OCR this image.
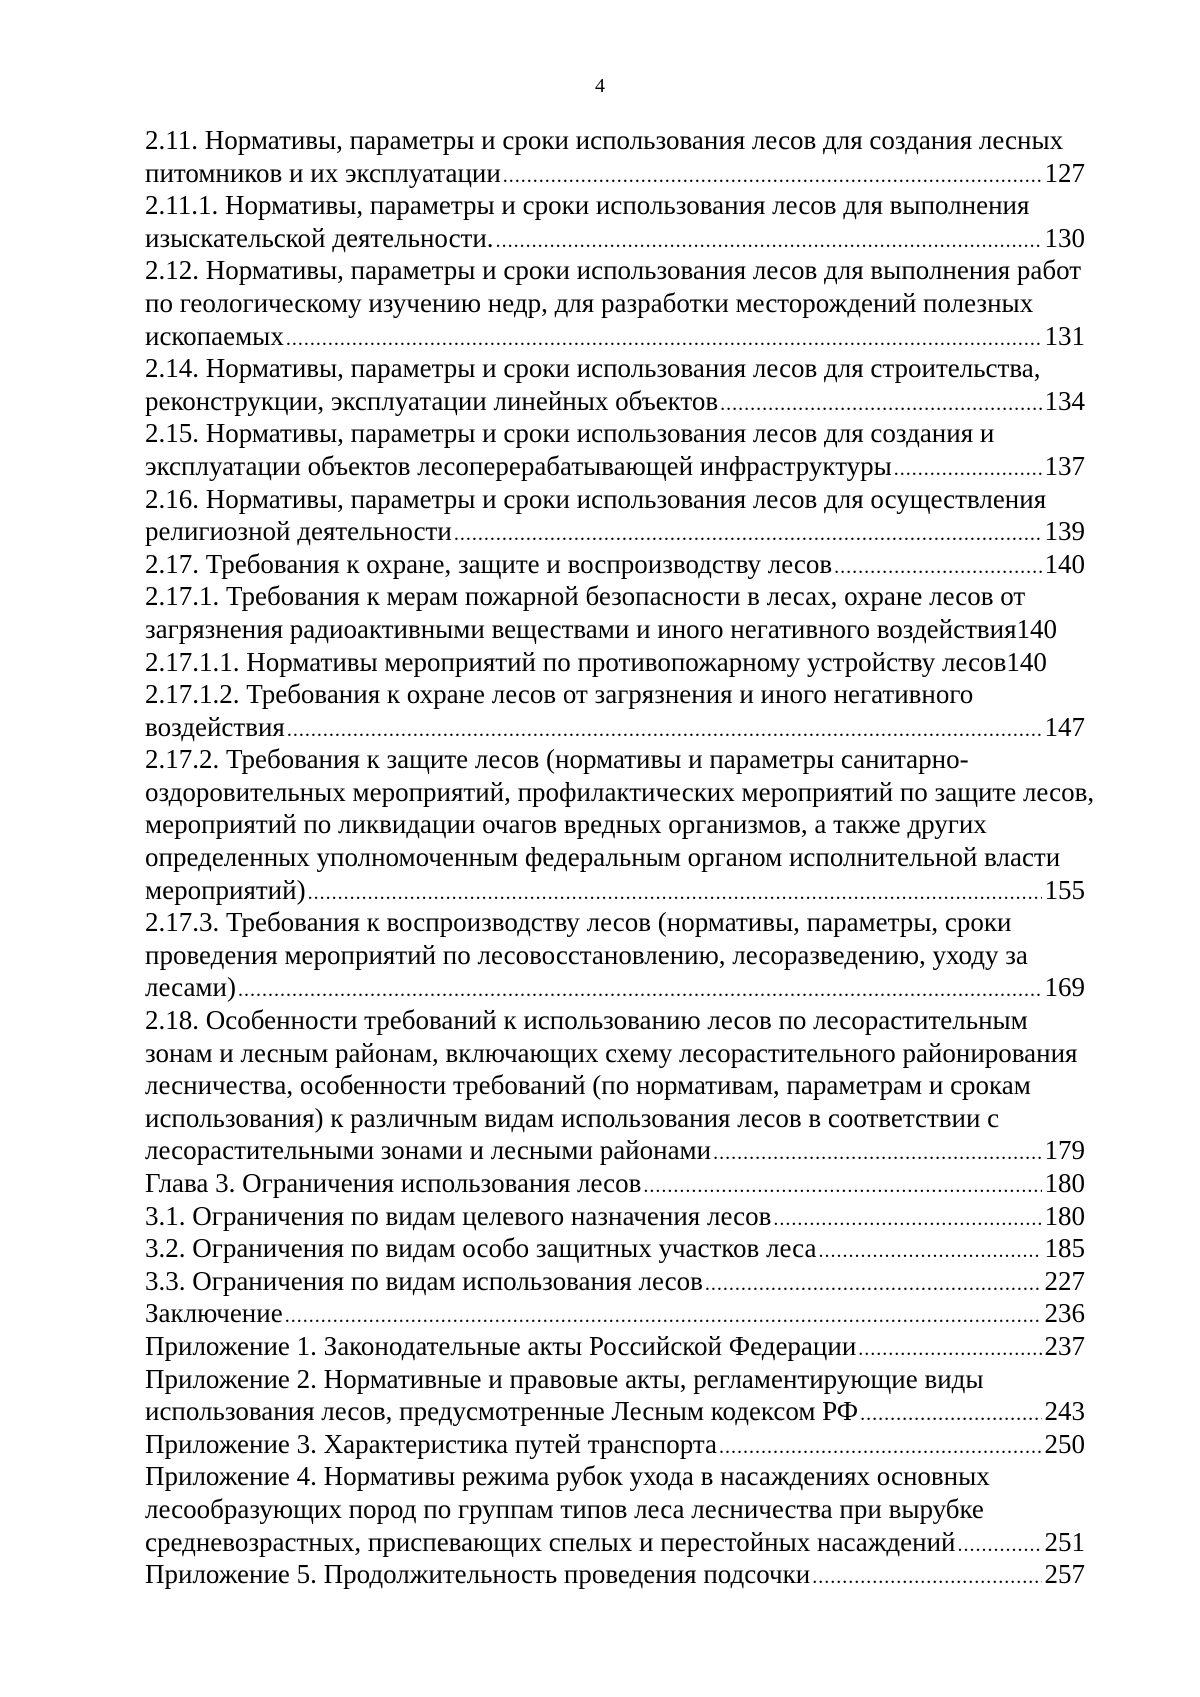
4
2.11. Нормативы, параметры и сроки использования лесов для создания лесных
питомников и их эксплуатации .....	127
2.11.1. Нормативы, параметры и сроки использования лесов для выполнения
изыскательской деятельности. .....	130
2.12. Нормативы, параметры и сроки использования лесов для выполнения работ
по геологическому изучению недр, для разработки месторождений полезных
ископаемых .....	131
2.14. Нормативы, параметры и сроки использования лесов для строительства,
реконструкции, эксплуатации линейных объектов .....	134
2.15. Нормативы, параметры и сроки использования лесов для создания и
эксплуатации объектов лесоперерабатывающей инфраструктуры .....	137
2.16. Нормативы, параметры и сроки использования лесов для осуществления
религиозной деятельности .....	139
2.17. Требования к охране, защите и воспроизводству лесов .....	140
2.17.1. Требования к мерам пожарной безопасности в лесах, охране лесов от
загрязнения радиоактивными веществами и иного негативного воздействия 140
2.17.1.1. Нормативы мероприятий по противопожарному устройству лесов 140
2.17.1.2. Требования к охране лесов от загрязнения и иного негативного
воздействия .....	147
2.17.2. Требования к защите лесов (нормативы и параметры санитарно-
оздоровительных мероприятий, профилактических мероприятий по защите лесов,
мероприятий по ликвидации очагов вредных организмов, а также других
определенных уполномоченным федеральным органом исполнительной власти
мероприятий) .....	155
2.17.3. Требования к воспроизводству лесов (нормативы, параметры, сроки
проведения мероприятий по лесовосстановлению, лесоразведению, уходу за
лесами) .....	169
2.18. Особенности требований к использованию лесов по лесорастительным
зонам и лесным районам, включающих схему лесорастительного районирования
лесничества, особенности требований (по нормативам, параметрам и срокам
использования) к различным видам использования лесов в соответствии с
лесорастительными зонами и лесными районами .....	179
Глава 3. Ограничения использования лесов .....	180
3.1. Ограничения по видам целевого назначения лесов .....	180
3.2. Ограничения по видам особо защитных участков леса .....	185
3.3. Ограничения по видам использования лесов .....	227
Заключение .....	236
Приложение 1. Законодательные акты Российской Федерации .....	237
Приложение 2. Нормативные и правовые акты, регламентирующие виды
использования лесов, предусмотренные Лесным кодексом РФ .....	243
Приложение 3. Характеристика путей транспорта .....	250
Приложение 4. Нормативы режима рубок ухода в насаждениях основных
лесообразующих пород по группам типов леса лесничества при вырубке
средневозрастных, приспевающих спелых и перестойных насаждений .....	251
Приложение 5. Продолжительность проведения подсочки .....	257
